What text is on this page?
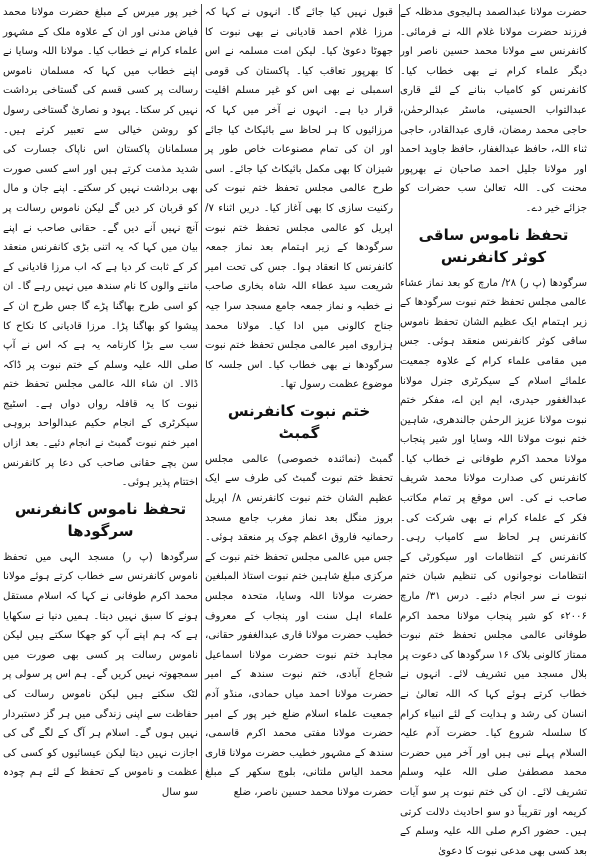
حضرت مولانا عبدالصمد ہالیجوی مدظلہ کے فرزند حضرت مولانا غلام اللہ نے فرمائی۔ کانفرنس سے مولانا محمد حسین ناصر اور دیگر علماء کرام نے بھی خطاب کیا۔ کانفرنس کو کامیاب بنانے کے لئے قاری عبدالتواب الحسینی، ماسٹر عبدالرحمٰن، حاجی محمد رمضان، قاری عبدالقادر، حاجی ثناء اللہ، حافظ عبدالغفار، حافظ جاوید احمد اور مولانا جلیل احمد صاحبان نے بھرپور محنت کی۔ اللہ تعالیٰ سب حضرات کو جزائے خیر دے۔

تحفظ ناموس ساقی کوثر کانفرنس

سرگودھا (پ ر) ۲۸/ مارچ کو بعد نماز عشاء عالمی مجلس تحفظ ختم نبوت سرگودھا کے زیر اہتمام ایک عظیم الشان تحفظ ناموس ساقی کوثر کانفرنس منعقد ہوئی۔ جس میں مقامی علماء کرام کے علاوہ جمعیت علمائے اسلام کے سیکرٹری جنرل مولانا عبدالغفور حیدری، ایم این اے، مفکر ختم نبوت مولانا عزیز الرحمٰن جالندھری، شاہین ختم نبوت مولانا اللہ وسایا اور شیر پنجاب مولانا محمد اکرم طوفانی نے خطاب کیا۔ کانفرنس کی صدارت مولانا محمد شریف صاحب نے کی۔ اس موقع پر تمام مکاتب فکر کے علماء کرام نے بھی شرکت کی۔ کانفرنس ہر لحاظ سے کامیاب رہی۔ کانفرنس کے انتظامات اور سیکورٹی کے انتظامات نوجوانوں کی تنظیم شبان ختم نبوت نے سر انجام دئیے۔ درس ۳۱/ مارچ ۲۰۰۶ء کو شیر پنجاب مولانا محمد اکرم طوفانی عالمی مجلس تحفظ ختم نبوت ممتاز کالونی بلاک ۱۶ سرگودھا کی دعوت پر بلال مسجد میں تشریف لائے۔ انہوں نے خطاب کرتے ہوئے کہا کہ اللہ تعالیٰ نے انسان کی رشد و ہدایت کے لئے انبیاء کرام کا سلسلہ شروع کیا۔ حضرت آدم علیہ السلام پہلے نبی ہیں اور آخر میں حضرت محمد مصطفیٰ صلی اللہ علیہ وسلم تشریف لائے۔ ان کی ختم نبوت پر سو آیات کریمہ اور تقریباً دو سو احادیث دلالت کرتی ہیں۔ حضور اکرم صلی اللہ علیہ وسلم کے بعد کسی بھی مدعی نبوت کا دعویٰ

قبول نہیں کیا جائے گا۔ انہوں نے کہا کہ مرزا غلام احمد قادیانی نے بھی نبوت کا جھوٹا دعویٰ کیا۔ لیکن امت مسلمہ نے اس کا بھرپور تعاقب کیا۔ پاکستان کی قومی اسمبلی نے بھی اس کو غیر مسلم اقلیت قرار دیا ہے۔ انہوں نے آخر میں کہا کہ مرزائیوں کا ہر لحاظ سے بائیکاٹ کیا جائے اور ان کی تمام مصنوعات خاص طور پر شیزان کا بھی مکمل بائیکاٹ کیا جائے۔ اسی طرح عالمی مجلس تحفظ ختم نبوت کی رکنیت سازی کا بھی آغاز کیا۔ دریں اثناء ۷/ اپریل کو عالمی مجلس تحفظ ختم نبوت سرگودھا کے زیر اہتمام بعد نماز جمعہ کانفرنس کا انعقاد ہوا۔ جس کی تحت امیر شریعت سید عطاء اللہ شاہ بخاری صاحب نے خطبہ و نماز جمعہ جامع مسجد سرا جیہ جناح کالونی میں ادا کیا۔ مولانا محمد ہزاروی امیر عالمی مجلس تحفظ ختم نبوت سرگودھا نے بھی خطاب کیا۔ اس جلسہ کا موضوع عظمت رسول تھا۔

ختم نبوت کانفرنس گمبٹ

گمبٹ (نمائندہ خصوصی) عالمی مجلس تحفظ ختم نبوت گمبٹ کی طرف سے ایک عظیم الشان ختم نبوت کانفرنس ۸/ اپریل بروز منگل بعد نماز مغرب جامع مسجد رحمانیہ فاروق اعظم چوک پر منعقد ہوئی۔ جس میں عالمی مجلس تحفظ ختم نبوت کے مرکزی مبلغ شاہین ختم نبوت استاذ المبلغین حضرت مولانا اللہ وسایا، متحدہ مجلس علماء اہل سنت اور پنجاب کے معروف خطیب حضرت مولانا قاری عبدالغفور حقانی، مجاہد ختم نبوت حضرت مولانا اسماعیل شجاع آبادی، ختم نبوت سندھ کے امیر حضرت مولانا احمد میاں حمادی، منڈو آدم جمعیت علماء اسلام ضلع خیر پور کے امیر حضرت مولانا مفتی محمد اکرم قاسمی، سندھ کے مشہور خطیب حضرت مولانا قاری محمد الیاس ملتانی، بلوچ سکھر کے مبلغ حضرت مولانا محمد حسین ناصر، ضلع

خیر پور میرس کے مبلغ حضرت مولانا محمد فیاض مدنی اور ان کے علاوہ ملک کے مشہور علماء کرام نے خطاب کیا۔ مولانا اللہ وسایا نے اپنے خطاب میں کہا کہ مسلمان ناموس رسالت پر کسی قسم کی گستاخی برداشت نہیں کر سکتا۔ یہود و نصاریٰ گستاخی رسول کو روشن خیالی سے تعبیر کرتے ہیں۔ مسلمانان پاکستان اس ناپاک جسارت کی شدید مذمت کرتے ہیں اور اسے کسی صورت بھی برداشت نہیں کر سکتے۔ اپنے جان و مال کو قربان کر دیں گے لیکن ناموس رسالت پر آنچ نہیں آنے دیں گے۔ حقانی صاحب نے اپنے بیان میں کہا کہ یہ اتنی بڑی کانفرنس منعقد کر کے ثابت کر دیا ہے کہ اب مرزا قادیانی کے ماننے والوں کا نام سندھ میں نہیں رہے گا۔ ان کو اسی طرح بھاگنا پڑے گا جس طرح ان کے پیشوا کو بھاگنا پڑا۔ مرزا قادیانی کا نکاح کا سب سے بڑا کارنامہ یہ ہے کہ اس نے آپ صلی اللہ علیہ وسلم کے ختم نبوت پر ڈاکہ ڈالا۔ ان شاء اللہ عالمی مجلس تحفظ ختم نبوت کا یہ قافلہ رواں دواں ہے۔ اسٹیج سیکرٹری کے انجام حکیم عبدالواحد بروہی امیر ختم نبوت گمبٹ نے انجام دئیے۔ بعد ازاں سن بچے حقانی صاحب کی دعا پر کانفرنس اختتام پذیر ہوئی۔

تحفظ ناموس کانفرنس سرگودھا

سرگودھا (پ ر) مسجد الہی میں تحفظ ناموس کانفرنس سے خطاب کرتے ہوئے مولانا محمد اکرم طوفانی نے کہا کہ اسلام مستقل ہونے کا سبق نہیں دیتا۔ ہمیں دنیا نے سکھایا ہے کہ ہم اپنے آپ کو جھکا سکتے ہیں لیکن ناموس رسالت پر کسی بھی صورت میں سمجھوتہ نہیں کریں گے۔ ہم اس پر سولی پر لٹک سکتے ہیں لیکن ناموس رسالت کی حفاظت سے اپنی زندگی میں ہر گز دستبردار نہیں ہوں گے۔ اسلام ہر آگ کے لگے گی کی اجازت نہیں دیتا لیکن عیسائیوں کو کسی کی عظمت و ناموس کے تحفظ کے لئے ہم چودہ سو سال
